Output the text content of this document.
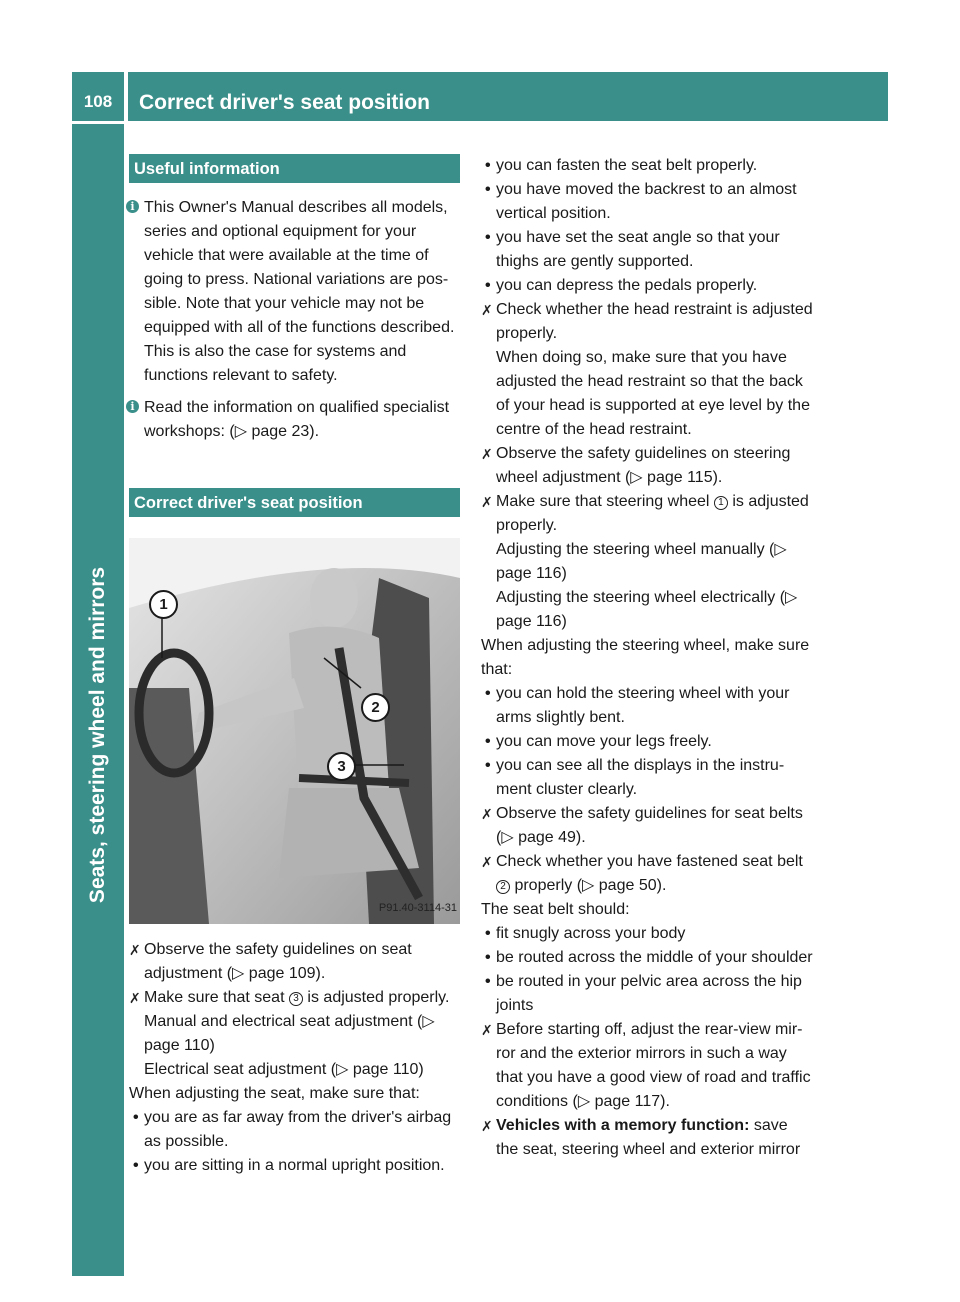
108	Correct driver's seat position
Seats, steering wheel and mirrors
Useful information
i This Owner's Manual describes all models, series and optional equipment for your vehicle that were available at the time of going to press. National variations are possible. Note that your vehicle may not be equipped with all of the functions described. This is also the case for systems and functions relevant to safety.
i Read the information on qualified specialist workshops: (▷ page 23).
Correct driver's seat position
1
2
3
P91.40-3114-31
✗ Observe the safety guidelines on seat adjustment (▷ page 109).
✗ Make sure that seat 3 is adjusted properly.
Manual and electrical seat adjustment (▷ page 110)
Electrical seat adjustment (▷ page 110)
When adjusting the seat, make sure that:
• you are as far away from the driver's airbag as possible.
• you are sitting in a normal upright position.
• you can fasten the seat belt properly.
• you have moved the backrest to an almost vertical position.
• you have set the seat angle so that your thighs are gently supported.
• you can depress the pedals properly.
✗ Check whether the head restraint is adjusted properly.
When doing so, make sure that you have adjusted the head restraint so that the back of your head is supported at eye level by the centre of the head restraint.
✗ Observe the safety guidelines on steering wheel adjustment (▷ page 115).
✗ Make sure that steering wheel 1 is adjusted properly.
Adjusting the steering wheel manually (▷ page 116)
Adjusting the steering wheel electrically (▷ page 116)
When adjusting the steering wheel, make sure that:
• you can hold the steering wheel with your arms slightly bent.
• you can move your legs freely.
• you can see all the displays in the instrument cluster clearly.
✗ Observe the safety guidelines for seat belts (▷ page 49).
✗ Check whether you have fastened seat belt 2 properly (▷ page 50).
The seat belt should:
• fit snugly across your body
• be routed across the middle of your shoulder
• be routed in your pelvic area across the hip joints
✗ Before starting off, adjust the rear-view mirror and the exterior mirrors in such a way that you have a good view of road and traffic conditions (▷ page 117).
✗ Vehicles with a memory function: save the seat, steering wheel and exterior mirror
